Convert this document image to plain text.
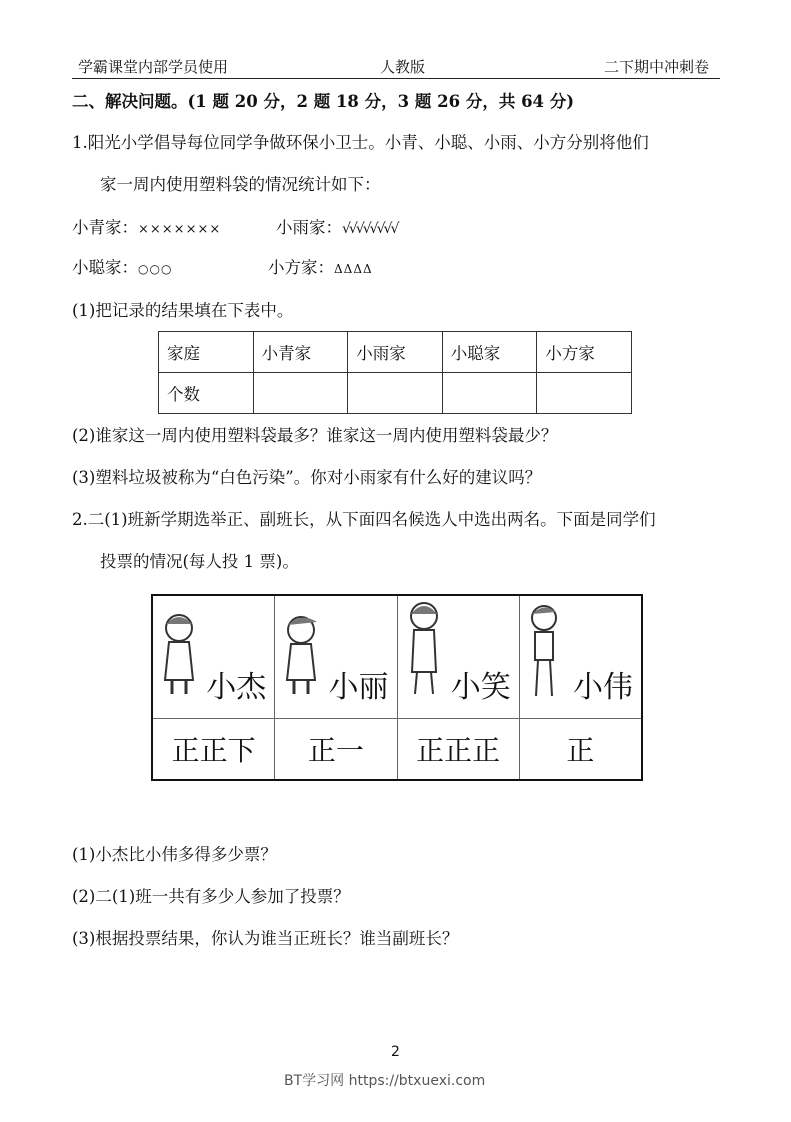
学霸课堂内部学员使用	人教版	二下期中冲刺卷
二、解决问题。(1 题 20 分，2 题 18 分，3 题 26 分，共 64 分)
1.阳光小学倡导每位同学争做环保小卫士。小青、小聪、小雨、小方分别将他们
家一周内使用塑料袋的情况统计如下：
小青家：×××××××	小雨家：√√√√√√√√
小聪家：○○○	小方家：ΔΔΔΔ
(1)把记录的结果填在下表中。
家庭	小青家	小雨家	小聪家	小方家
个数				
(2)谁家这一周内使用塑料袋最多？谁家这一周内使用塑料袋最少？
(3)塑料垃圾被称为“白色污染”。你对小雨家有什么好的建议吗？
2.二(1)班新学期选举正、副班长，从下面四名候选人中选出两名。下面是同学们
投票的情况(每人投 1 票)。
小杰	小丽	小笑	小伟

正正下	正一	正正正	正
(1)小杰比小伟多得多少票？
(2)二(1)班一共有多少人参加了投票？
(3)根据投票结果，你认为谁当正班长？谁当副班长？
2
BT学习网 https://btxuexi.com
